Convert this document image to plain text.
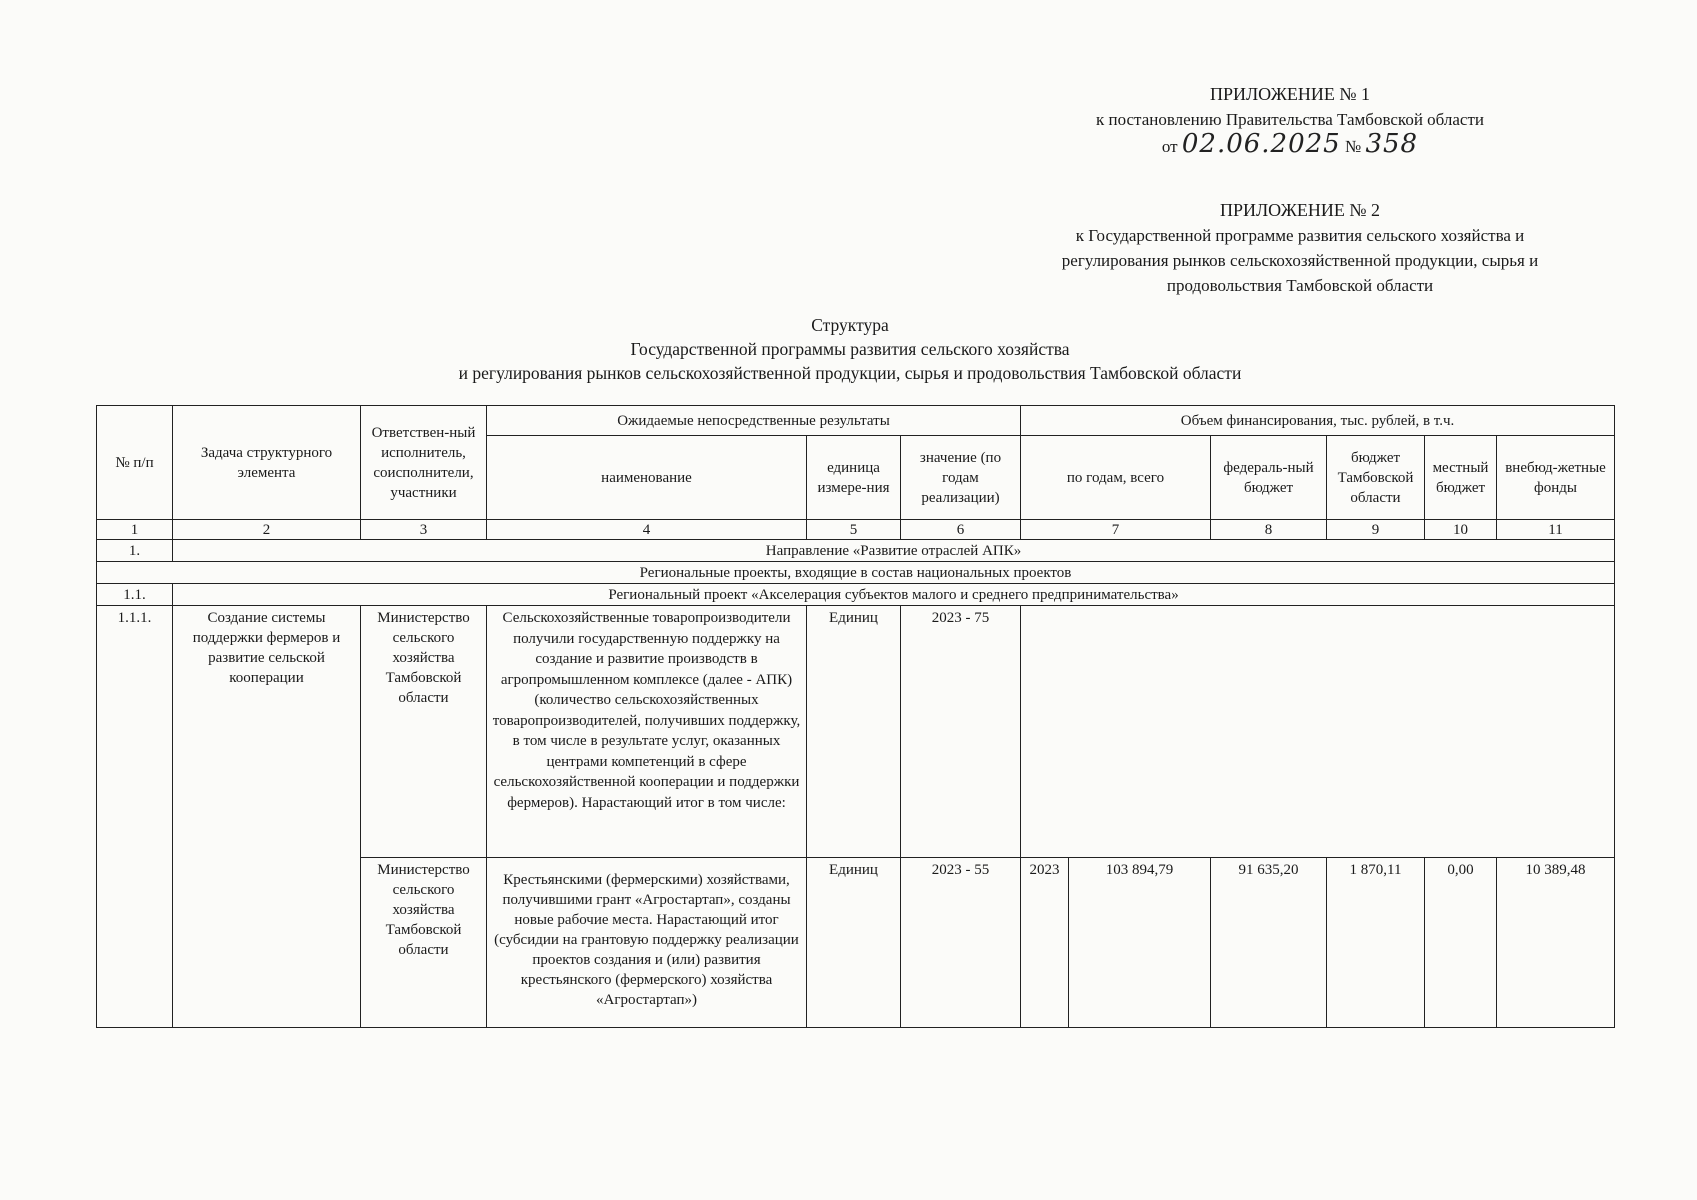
ПРИЛОЖЕНИЕ № 1
к постановлению Правительства Тамбовской области
от 02.06.2025 № 358
ПРИЛОЖЕНИЕ № 2
к Государственной программе развития сельского хозяйства и
регулирования рынков сельскохозяйственной продукции, сырья и
продовольствия Тамбовской области
Структура
Государственной программы развития сельского хозяйства
и регулирования рынков сельскохозяйственной продукции, сырья и продовольствия Тамбовской области
№ п/п	Задача структурного элемента	Ответствен-ный исполнитель, соисполнители, участники	Ожидаемые непосредственные результаты			Объем финансирования, тыс. рублей, в т.ч.					
			наименование	единица измере-ния	значение (по годам реализации)	по годам, всего		федераль-ный бюджет	бюджет Тамбовской области	местный бюджет	внебюд-жетные фонды
1	2	3	4	5	6	7		8	9	10	11
1.	Направление «Развитие отраслей АПК»										
Региональные проекты, входящие в состав национальных проектов											
1.1.	Региональный проект «Акселерация субъектов малого и среднего предпринимательства»										
1.1.1.	Создание системы поддержки фермеров и развитие сельской кооперации	Министерство сельского хозяйства Тамбовской области	Сельскохозяйственные товаропроизводители получили государственную поддержку на создание и развитие производств в агропромышленном комплексе (далее - АПК) (количество сельскохозяйственных товаропроизводителей, получивших поддержку, в том числе в результате услуг, оказанных центрами компетенций в сфере сельскохозяйственной кооперации и поддержки фермеров). Нарастающий итог в том числе:	Единиц	2023 - 75						
		Министерство сельского хозяйства Тамбовской области	Крестьянскими (фермерскими) хозяйствами, получившими грант «Агростартап», созданы новые рабочие места. Нарастающий итог (субсидии на грантовую поддержку реализации проектов создания и (или) развития крестьянского (фермерского) хозяйства «Агростартап»)	Единиц	2023 - 55	2023	103 894,79	91 635,20	1 870,11	0,00	10 389,48
